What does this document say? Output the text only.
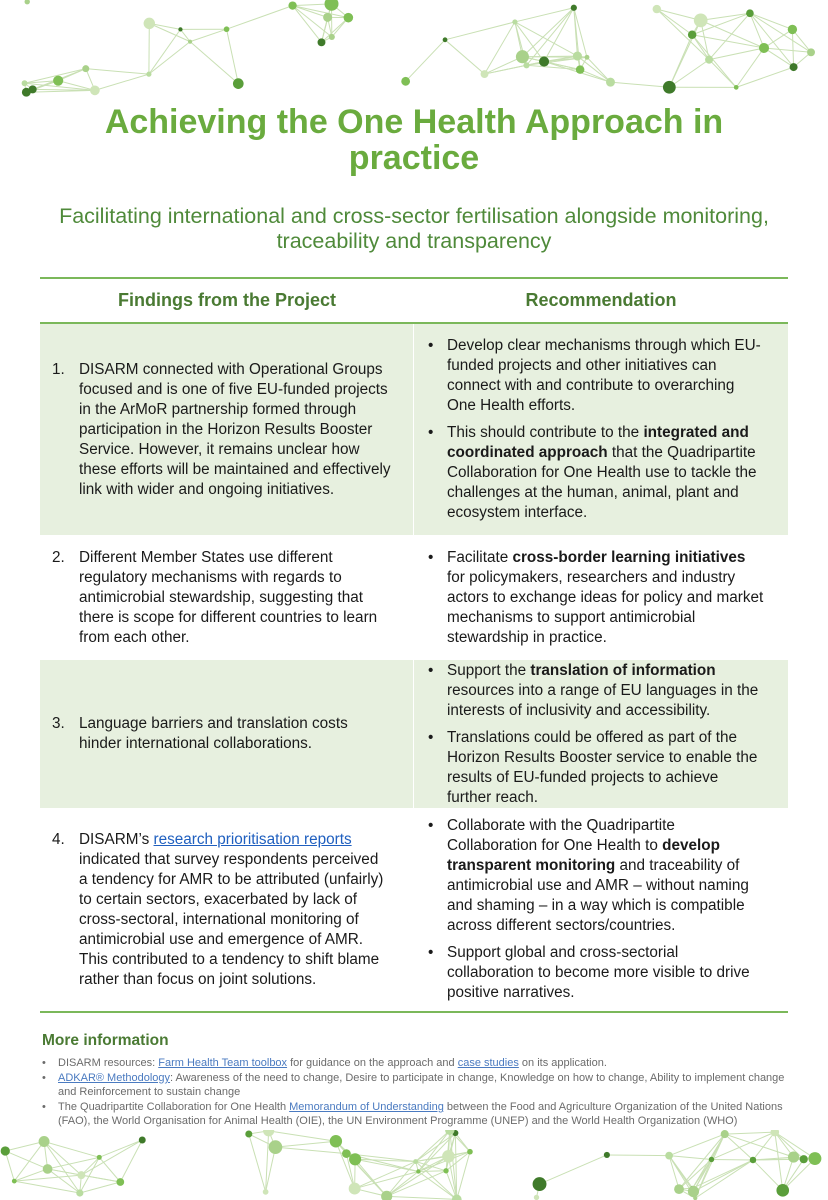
Achieving the One Health Approach in practice
Facilitating international and cross-sector fertilisation alongside monitoring, traceability and transparency
Findings from the Project	Recommendation
1. DISARM connected with Operational Groups focused and is one of five EU-funded projects in the ArMoR partnership formed through participation in the Horizon Results Booster Service. However, it remains unclear how these efforts will be maintained and effectively link with wider and ongoing initiatives.
• Develop clear mechanisms through which EU-funded projects and other initiatives can connect with and contribute to overarching One Health efforts.
• This should contribute to the integrated and coordinated approach that the Quadripartite Collaboration for One Health use to tackle the challenges at the human, animal, plant and ecosystem interface.
2. Different Member States use different regulatory mechanisms with regards to antimicrobial stewardship, suggesting that there is scope for different countries to learn from each other.
• Facilitate cross-border learning initiatives for policymakers, researchers and industry actors to exchange ideas for policy and market mechanisms to support antimicrobial stewardship in practice.
3. Language barriers and translation costs hinder international collaborations.
• Support the translation of information resources into a range of EU languages in the interests of inclusivity and accessibility.
• Translations could be offered as part of the Horizon Results Booster service to enable the results of EU-funded projects to achieve further reach.
4. DISARM’s research prioritisation reports indicated that survey respondents perceived a tendency for AMR to be attributed (unfairly) to certain sectors, exacerbated by lack of cross-sectoral, international monitoring of antimicrobial use and emergence of AMR. This contributed to a tendency to shift blame rather than focus on joint solutions.
• Collaborate with the Quadripartite Collaboration for One Health to develop transparent monitoring and traceability of antimicrobial use and AMR – without naming and shaming – in a way which is compatible across different sectors/countries.
• Support global and cross-sectorial collaboration to become more visible to drive positive narratives.
More information
•	DISARM resources: Farm Health Team toolbox for guidance on the approach and case studies on its application.
•	ADKAR® Methodology: Awareness of the need to change, Desire to participate in change, Knowledge on how to change, Ability to implement change and Reinforcement to sustain change
•	The Quadripartite Collaboration for One Health Memorandum of Understanding between the Food and Agriculture Organization of the United Nations (FAO), the World Organisation for Animal Health (OIE), the UN Environment Programme (UNEP) and the World Health Organization (WHO)
